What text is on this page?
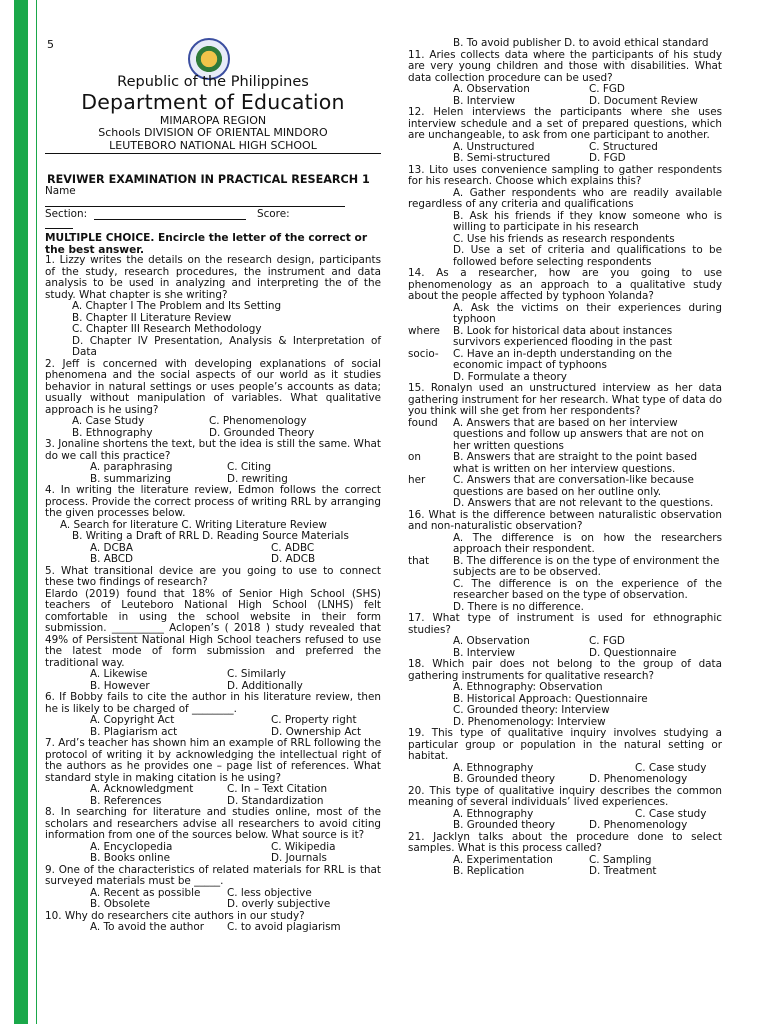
5
Republic of the Philippines
Department of Education
MIMAROPA REGION
Schools DIVISION OF ORIENTAL MINDORO
LEUTEBORO NATIONAL HIGH SCHOOL
REVIWER EXAMINATION IN PRACTICAL RESEARCH 1
Name
Section:	Score:
MULTIPLE CHOICE. Encircle the letter of the correct or the best answer.

1. Lizzy writes the details on the research design, participants of the study, research procedures, the instrument and data analysis to be used in analyzing and interpreting the of the study. What chapter is she writing?

A. Chapter I The Problem and Its Setting

B. Chapter II Literature Review

C. Chapter III Research Methodology

D. Chapter IV Presentation, Analysis & Interpretation of Data

2. Jeff is concerned with developing explanations of social phenomena and the social aspects of our world as it studies behavior in natural settings or uses people’s accounts as data; usually without manipulation of variables. What qualitative approach is he using?

A. Case Study	C. Phenomenology
B. Ethnography	D. Grounded Theory

3. Jonaline shortens the text, but the idea is still the same. What do we call this practice?

A. paraphrasing	C. Citing
B. summarizing	D. rewriting

4. In writing the literature review, Edmon follows the correct process. Provide the correct process of writing RRL by arranging the given processes below.

A. Search for literature C. Writing Literature Review

B. Writing a Draft of RRL D. Reading Source Materials

A. DCBA	C. ADBC
B. ABCD	D. ADCB

5. What transitional device are you going to use to connect these two findings of research?

Elardo (2019) found that 18% of Senior High School (SHS) teachers of Leuteboro National High School (LNHS) felt comfortable in using the school website in their form submission. __________ Aclopen’s ( 2018 ) study revealed that 49% of Persistent National High School teachers refused to use the latest mode of form submission and preferred the traditional way.

A. Likewise	C. Similarly
B. However	D. Additionally

6. If Bobby fails to cite the author in his literature review, then he is likely to be charged of ________.

A. Copyright Act	C. Property right
B. Plagiarism act	D. Ownership Act

7. Ard’s teacher has shown him an example of RRL following the protocol of writing it by acknowledging the intellectual right of the authors as he provides one – page list of references. What standard style in making citation is he using?

A. Acknowledgment	C. In – Text Citation
B. References	D. Standardization

8. In searching for literature and studies online, most of the scholars and researchers advise all researchers to avoid citing information from one of the sources below. What source is it?

A. Encyclopedia	C. Wikipedia
B. Books online	D. Journals

9. One of the characteristics of related materials for RRL is that surveyed materials must be _____.

A. Recent as possible	C. less objective
B. Obsolete	D. overly subjective

10. Why do researchers cite authors in our study?

A. To avoid the author	C. to avoid plagiarism

B. To avoid publisher D. to avoid ethical standard

11. Aries collects data where the participants of his study are very young children and those with disabilities. What data collection procedure can be used?

A. Observation	C. FGD
B. Interview	D. Document Review

12. Helen interviews the participants where she uses interview schedule and a set of prepared questions, which are unchangeable, to ask from one participant to another.

A. Unstructured	C. Structured
B. Semi-structured	D. FGD

13. Lito uses convenience sampling to gather respondents for his research. Choose which explains this?

A. Gather respondents who are readily available regardless of any criteria and qualifications

B. Ask his friends if they know someone who is willing to participate in his research

C. Use his friends as research respondents

D. Use a set of criteria and qualifications to be followed before selecting respondents

14. As a researcher, how are you going to use phenomenology as an approach to a qualitative study about the people affected by typhoon Yolanda?

A. Ask the victims on their experiences during typhoon

where	B. Look for historical data about instances survivors experienced flooding in the past
socio-	C. Have an in-depth understanding on the economic impact of typhoons

D. Formulate a theory

15. Ronalyn used an unstructured interview as her data gathering instrument for her research. What type of data do you think will she get from her respondents?

found	A. Answers that are based on her interview questions and follow up answers that are not on her written questions
on	B. Answers that are straight to the point based what is written on her interview questions.
her	C. Answers that are conversation-like because questions are based on her outline only.

D. Answers that are not relevant to the questions.

16. What is the difference between naturalistic observation and non-naturalistic observation?

A. The difference is on how the researchers approach their respondent.

that	B. The difference is on the type of environment the subjects are to be observed.

C. The difference is on the experience of the researcher based on the type of observation.

D. There is no difference.

17. What type of instrument is used for ethnographic studies?

A. Observation	C. FGD
B. Interview	D. Questionnaire

18. Which pair does not belong to the group of data gathering instruments for qualitative research?

A. Ethnography: Observation

B. Historical Approach: Questionnaire

C. Grounded theory: Interview

D. Phenomenology: Interview

19. This type of qualitative inquiry involves studying a particular group or population in the natural setting or habitat.

A. Ethnography	C. Case study
B. Grounded theory	D. Phenomenology

20. This type of qualitative inquiry describes the common meaning of several individuals’ lived experiences.

A. Ethnography	C. Case study
B. Grounded theory	D. Phenomenology

21. Jacklyn talks about the procedure done to select samples. What is this process called?

A. Experimentation	C. Sampling
B. Replication	D. Treatment
